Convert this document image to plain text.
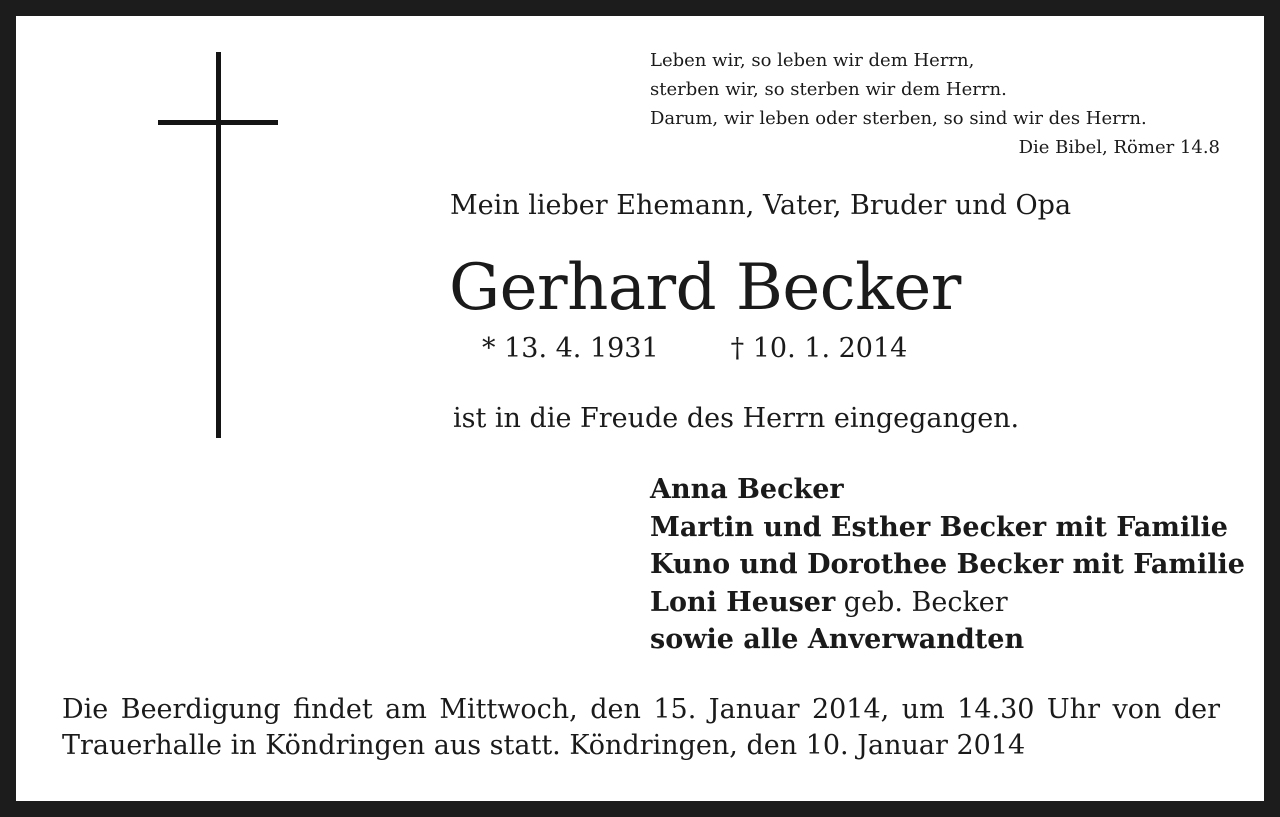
Leben wir, so leben wir dem Herrn,
sterben wir, so sterben wir dem Herrn.
Darum, wir leben oder sterben, so sind wir des Herrn.
Die Bibel, Römer 14.8
Mein lieber Ehemann, Vater, Bruder und Opa
Gerhard Becker
* 13. 4. 1931	† 10. 1. 2014
ist in die Freude des Herrn eingegangen.
Anna Becker
Martin und Esther Becker mit Familie
Kuno und Dorothee Becker mit Familie
Loni Heuser geb. Becker
sowie alle Anverwandten
Die Beerdigung findet am Mittwoch, den 15. Januar 2014, um 14.30 Uhr von der Trauerhalle in Köndringen aus statt. Köndringen, den 10. Januar 2014
